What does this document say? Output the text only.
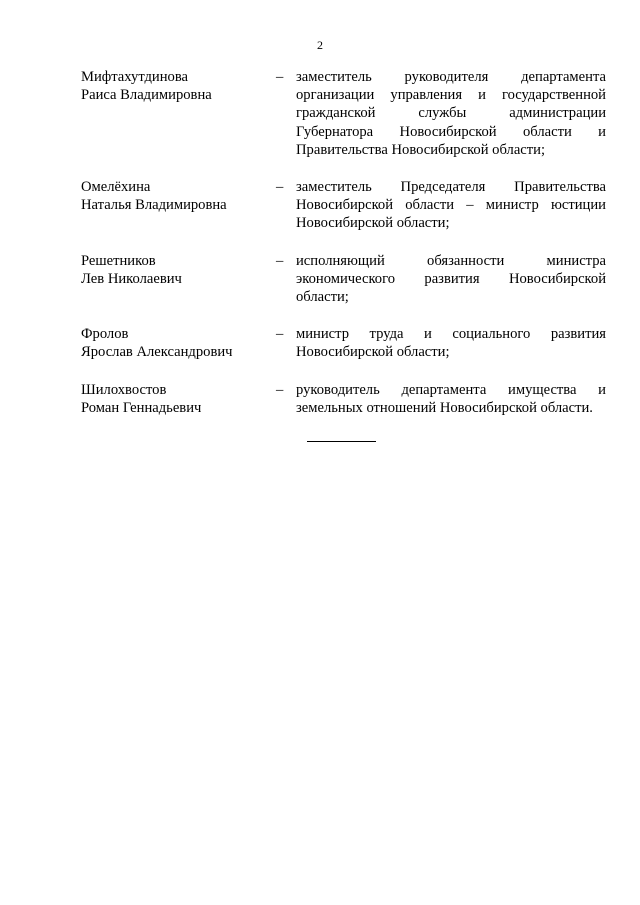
2
Мифтахутдинова
Раиса Владимировна
– заместитель руководителя департамента организации управления и государственной гражданской службы администрации Губернатора Новосибирской области и Правительства Новосибирской области;
Омелёхина
Наталья Владимировна
– заместитель Председателя Правительства Новосибирской области – министр юстиции Новосибирской области;
Решетников
Лев Николаевич
– исполняющий обязанности министра экономического развития Новосибирской области;
Фролов
Ярослав Александрович
– министр труда и социального развития Новосибирской области;
Шилохвостов
Роман Геннадьевич
– руководитель департамента имущества и земельных отношений Новосибирской области.
